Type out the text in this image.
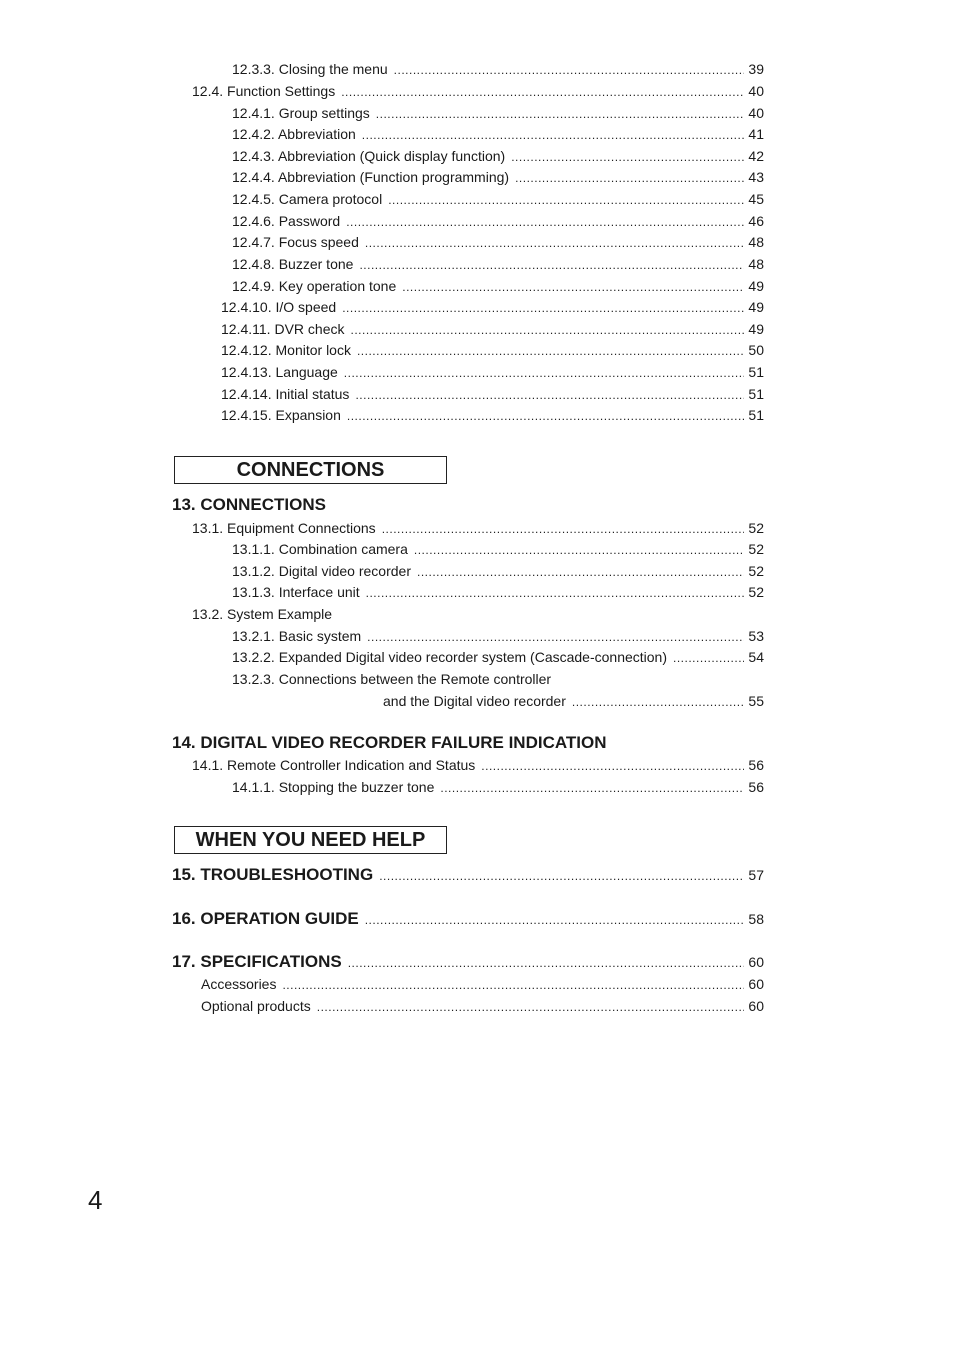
12.3.3. Closing the menu .....	39
12.4. Function Settings .....	40
12.4.1. Group settings .....	40
12.4.2. Abbreviation .....	41
12.4.3. Abbreviation (Quick display function) .....	42
12.4.4. Abbreviation (Function programming) .....	43
12.4.5. Camera protocol .....	45
12.4.6. Password .....	46
12.4.7. Focus speed .....	48
12.4.8. Buzzer tone .....	48
12.4.9. Key operation tone .....	49
12.4.10. I/O speed .....	49
12.4.11. DVR check .....	49
12.4.12. Monitor lock .....	50
12.4.13. Language .....	51
12.4.14. Initial status .....	51
12.4.15. Expansion .....	51
CONNECTIONS
13. CONNECTIONS
13.1. Equipment Connections .....	52
13.1.1. Combination camera .....	52
13.1.2. Digital video recorder .....	52
13.1.3. Interface unit .....	52
13.2. System Example
13.2.1. Basic system .....	53
13.2.2. Expanded Digital video recorder system (Cascade-connection) .....	54
13.2.3. Connections between the Remote controller
and the Digital video recorder .....	55
14. DIGITAL VIDEO RECORDER FAILURE INDICATION
14.1. Remote Controller Indication and Status .....	56
14.1.1. Stopping the buzzer tone .....	56
WHEN YOU NEED HELP
15. TROUBLESHOOTING .....	57
16. OPERATION GUIDE .....	58
17. SPECIFICATIONS .....	60
Accessories .....	60
Optional products .....	60
4
